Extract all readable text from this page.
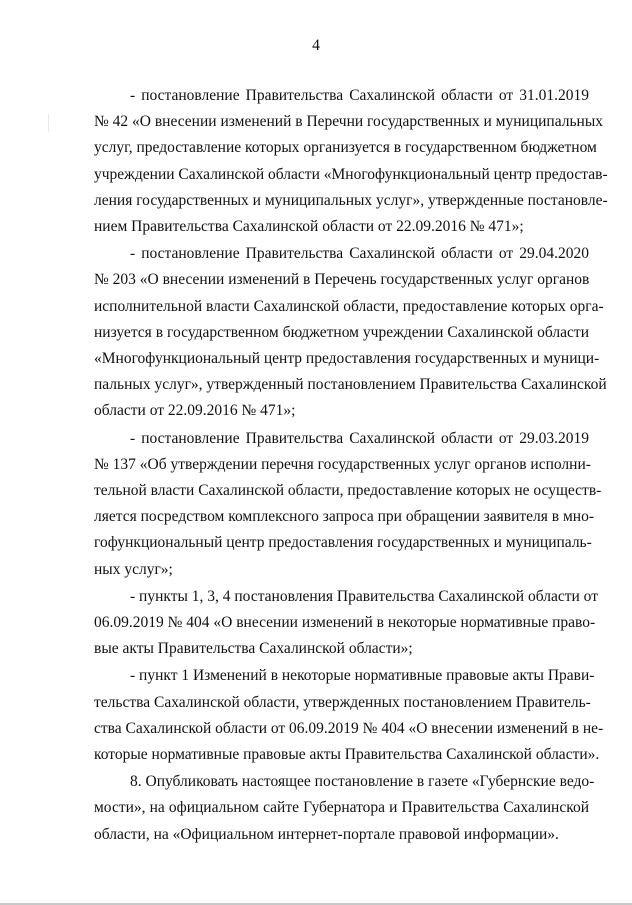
4
- постановление Правительства Сахалинской области от 31.01.2019
№ 42 «О внесении изменений в Перечни государственных и муниципальных
услуг, предоставление которых организуется в государственном бюджетном
учреждении Сахалинской области «Многофункциональный центр предостав-
ления государственных и муниципальных услуг», утвержденные постановле-
нием Правительства Сахалинской области от 22.09.2016 № 471»;
- постановление Правительства Сахалинской области от 29.04.2020
№ 203 «О внесении изменений в Перечень государственных услуг органов
исполнительной власти Сахалинской области, предоставление которых орга-
низуется в государственном бюджетном учреждении Сахалинской области
«Многофункциональный центр предоставления государственных и муници-
пальных услуг», утвержденный постановлением Правительства Сахалинской
области от 22.09.2016 № 471»;
- постановление Правительства Сахалинской области от 29.03.2019
№ 137 «Об утверждении перечня государственных услуг органов исполни-
тельной власти Сахалинской области, предоставление которых не осуществ-
ляется посредством комплексного запроса при обращении заявителя в мно-
гофункциональный центр предоставления государственных и муниципаль-
ных услуг»;
- пункты 1, 3, 4 постановления Правительства Сахалинской области от
06.09.2019 № 404 «О внесении изменений в некоторые нормативные право-
вые акты Правительства Сахалинской области»;
- пункт 1 Изменений в некоторые нормативные правовые акты Прави-
тельства Сахалинской области, утвержденных постановлением Правитель-
ства Сахалинской области от 06.09.2019 № 404 «О внесении изменений в не-
которые нормативные правовые акты Правительства Сахалинской области».
8. Опубликовать настоящее постановление в газете «Губернские ведо-
мости», на официальном сайте Губернатора и Правительства Сахалинской
области, на «Официальном интернет-портале правовой информации».
